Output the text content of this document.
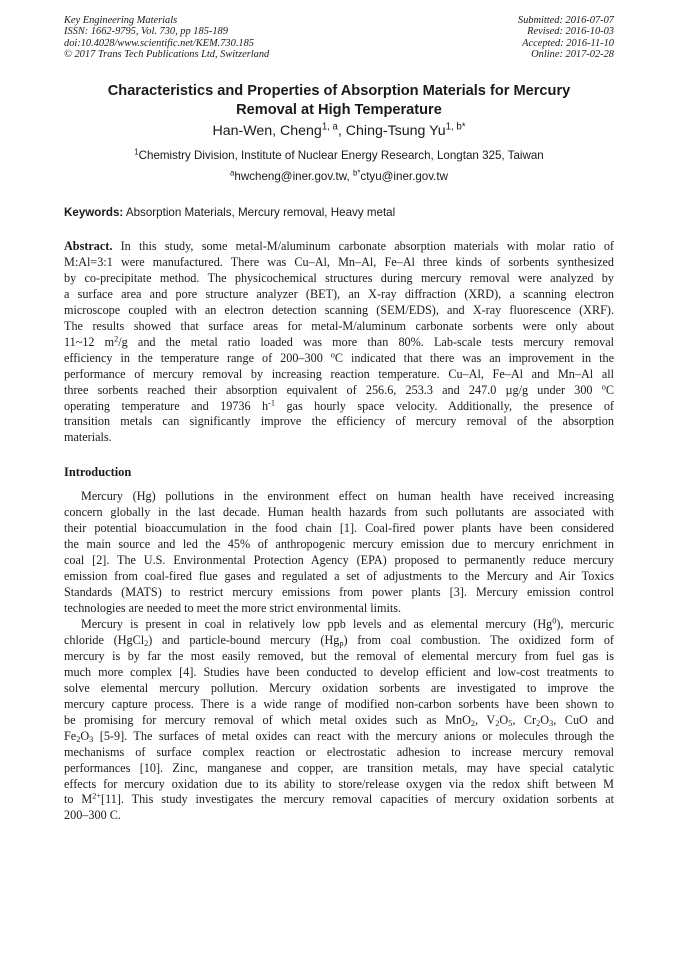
Key Engineering Materials
ISSN: 1662-9795, Vol. 730, pp 185-189
doi:10.4028/www.scientific.net/KEM.730.185
© 2017 Trans Tech Publications Ltd, Switzerland
Submitted: 2016-07-07
Revised: 2016-10-03
Accepted: 2016-11-10
Online: 2017-02-28
Characteristics and Properties of Absorption Materials for Mercury
Removal at High Temperature
Han-Wen, Cheng$^{1, a}$, Ching-Tsung $Yu^{1, b*}$
$^1$Chemistry Division, Institute of Nuclear Energy Research, Longtan 325, Taiwan
$^a$hwcheng@iner.gov.tw, $^{b*}$ctyu@iner.gov.tw
Keywords: Absorption Materials, Mercury removal, Heavy metal
Abstract. In this study, some metal-M/aluminum carbonate absorption materials with molar ratio of
M:Al=3:1 were manufactured. There was Cu–Al, Mn–Al, Fe–Al three kinds of sorbents synthesized
by co-precipitate method. The physicochemical structures during mercury removal were analyzed by
a surface area and pore structure analyzer (BET), an X-ray diffraction (XRD), a scanning electron
microscope coupled with an electron detection scanning (SEM/EDS), and X-ray fluorescence (XRF).
The results showed that surface areas for metal-M/aluminum carbonate sorbents were only about
11~12 $m^2/g$ and the metal ratio loaded was more than 80%. Lab-scale tests mercury removal
efficiency in the temperature range of 200–300 $^o$C indicated that there was an improvement in the
performance of mercury removal by increasing reaction temperature. Cu–Al, Fe–Al and Mn–Al all
three sorbents reached their absorption equivalent of 256.6, 253.3 and 247.0 µg/g under 300 $^o$C
operating temperature and 19736 $h^{-1}$ gas hourly space velocity. Additionally, the presence of
transition metals can significantly improve the efficiency of mercury removal of the absorption
materials.
Introduction
Mercury (Hg) pollutions in the environment effect on human health have received increasing
concern globally in the last decade. Human health hazards from such pollutants are associated with
their potential bioaccumulation in the food chain [1]. Coal-fired power plants have been considered
the main source and led the 45% of anthropogenic mercury emission due to mercury enrichment in
coal [2]. The U.S. Environmental Protection Agency (EPA) proposed to permanently reduce mercury
emission from coal-fired flue gases and regulated a set of adjustments to the Mercury and Air Toxics
Standards (MATS) to restrict mercury emissions from power plants [3]. Mercury emission control
technologies are needed to meet the more strict environmental limits.
Mercury is present in coal in relatively low ppb levels and as elemental mercury (Hg$^0$), mercuric
chloride (HgCl$_2$) and particle-bound mercury $(Hg_p)$ from coal combustion. The oxidized form of
mercury is by far the most easily removed, but the removal of elemental mercury from fuel gas is
much more complex [4]. Studies have been conducted to develop efficient and low-cost treatments to
solve elemental mercury pollution. Mercury oxidation sorbents are investigated to improve the
mercury capture process. There is a wide range of modified non-carbon sorbents have been shown to
be promising for mercury removal of which metal oxides such as MnO$_2$, $V_2O_5$, $Cr_2O_3$, CuO and
$Fe_2O_3$ [5-9]. The surfaces of metal oxides can react with the mercury anions or molecules through the
mechanisms of surface complex reaction or electrostatic adhesion to increase mercury removal
performances [10]. Zinc, manganese and copper, are transition metals, may have special catalytic
effects for mercury oxidation due to its ability to store/release oxygen via the redox shift between M
to $M^{2+}[11]$. This study investigates the mercury removal capacities of mercury oxidation sorbents at
200–300 C.
